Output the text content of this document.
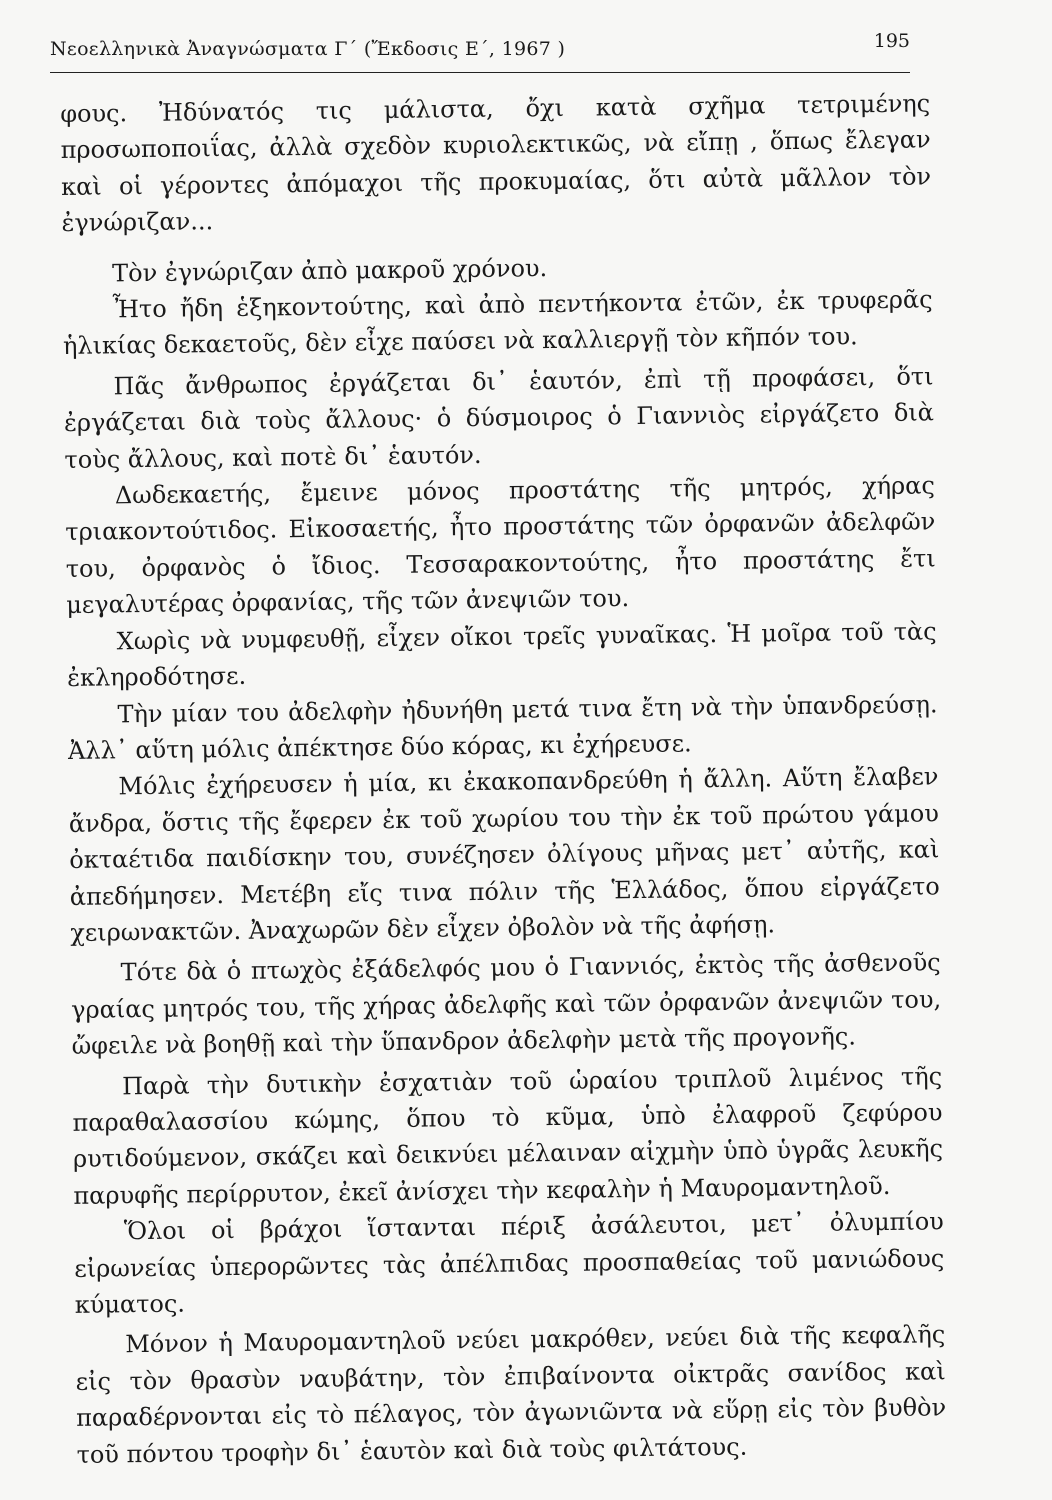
Νεοελληνικὰ Ἀναγνώσματα Γ΄ (Ἔκδοσις Ε΄, 1967 )	195

φους. Ἠδύνατός τις μάλιστα, ὄχι κατὰ σχῆμα τετριμένης προσωποποιΐας, ἀλλὰ σχεδὸν κυριολεκτικῶς, νὰ εἴπῃ , ὅπως ἔλεγαν καὶ οἱ γέροντες ἀπόμαχοι τῆς προκυμαίας, ὅτι αὐτὰ μᾶλλον τὸν ἐγνώριζαν...

Τὸν ἐγνώριζαν ἀπὸ μακροῦ χρόνου.

Ἦτο ἤδη ἑξηκοντούτης, καὶ ἀπὸ πεντήκοντα ἐτῶν, ἐκ τρυφερᾶς ἡλικίας δεκαετοῦς, δὲν εἶχε παύσει νὰ καλλιεργῇ τὸν κῆπόν του.

Πᾶς ἄνθρωπος ἐργάζεται δι᾿ ἑαυτόν, ἐπὶ τῇ προφάσει, ὅτι ἐργάζεται διὰ τοὺς ἄλλους· ὁ δύσμοιρος ὁ Γιαννιὸς εἰργάζετο διὰ τοὺς ἄλλους, καὶ ποτὲ δι᾿ ἑαυτόν.

Δωδεκαετής, ἔμεινε μόνος προστάτης τῆς μητρός, χήρας τριακοντούτιδος. Εἰκοσαετής, ἦτο προστάτης τῶν ὀρφανῶν ἀδελφῶν του, ὀρφανὸς ὁ ἴδιος. Τεσσαρακοντούτης, ἦτο προστάτης ἔτι μεγαλυτέρας ὀρφανίας, τῆς τῶν ἀνεψιῶν του.

Χωρὶς νὰ νυμφευθῇ, εἶχεν οἴκοι τρεῖς γυναῖκας. Ἡ μοῖρα τοῦ τὰς ἐκληροδότησε.

Τὴν μίαν του ἀδελφὴν ἠδυνήθη μετά τινα ἔτη νὰ τὴν ὑπανδρεύσῃ. Ἀλλ᾿ αὕτη μόλις ἀπέκτησε δύο κόρας, κι ἐχήρευσε.

Μόλις ἐχήρευσεν ἡ μία, κι ἐκακοπανδρεύθη ἡ ἄλλη. Αὕτη ἔλαβεν ἄνδρα, ὅστις τῆς ἔφερεν ἐκ τοῦ χωρίου του τὴν ἐκ τοῦ πρώτου γάμου ὀκταέτιδα παιδίσκην του, συνέζησεν ὀλίγους μῆνας μετ᾿ αὐτῆς, καὶ ἀπεδήμησεν. Μετέβη εἴς τινα πόλιν τῆς Ἑλλάδος, ὅπου εἰργάζετο χειρωνακτῶν. Ἀναχωρῶν δὲν εἶχεν ὀβολὸν νὰ τῆς ἀφήσῃ.

Τότε δὰ ὁ πτωχὸς ἐξάδελφός μου ὁ Γιαννιός, ἐκτὸς τῆς ἀσθενοῦς γραίας μητρός του, τῆς χήρας ἀδελφῆς καὶ τῶν ὀρφανῶν ἀνεψιῶν του, ὤφειλε νὰ βοηθῇ καὶ τὴν ὕπανδρον ἀδελφὴν μετὰ τῆς προγονῆς.

Παρὰ τὴν δυτικὴν ἐσχατιὰν τοῦ ὡραίου τριπλοῦ λιμένος τῆς παραθαλασσίου κώμης, ὅπου τὸ κῦμα, ὑπὸ ἐλαφροῦ ζεφύρου ρυτιδούμενον, σκάζει καὶ δεικνύει μέλαιναν αἰχμὴν ὑπὸ ὑγρᾶς λευκῆς παρυφῆς περίρρυτον, ἐκεῖ ἀνίσχει τὴν κεφαλὴν ἡ Μαυρομαντηλοῦ.

Ὅλοι οἱ βράχοι ἵστανται πέριξ ἀσάλευτοι, μετ᾿ ὀλυμπίου εἰρωνείας ὑπερορῶντες τὰς ἀπέλπιδας προσπαθείας τοῦ μανιώδους κύματος.

Μόνον ἡ Μαυρομαντηλοῦ νεύει μακρόθεν, νεύει διὰ τῆς κεφαλῆς εἰς τὸν θρασὺν ναυβάτην, τὸν ἐπιβαίνοντα οἰκτρᾶς σανίδος καὶ παραδέρνονται εἰς τὸ πέλαγος, τὸν ἀγωνιῶντα νὰ εὕρῃ εἰς τὸν βυθὸν τοῦ πόντου τροφὴν δι᾿ ἑαυτὸν καὶ διὰ τοὺς φιλτάτους.
